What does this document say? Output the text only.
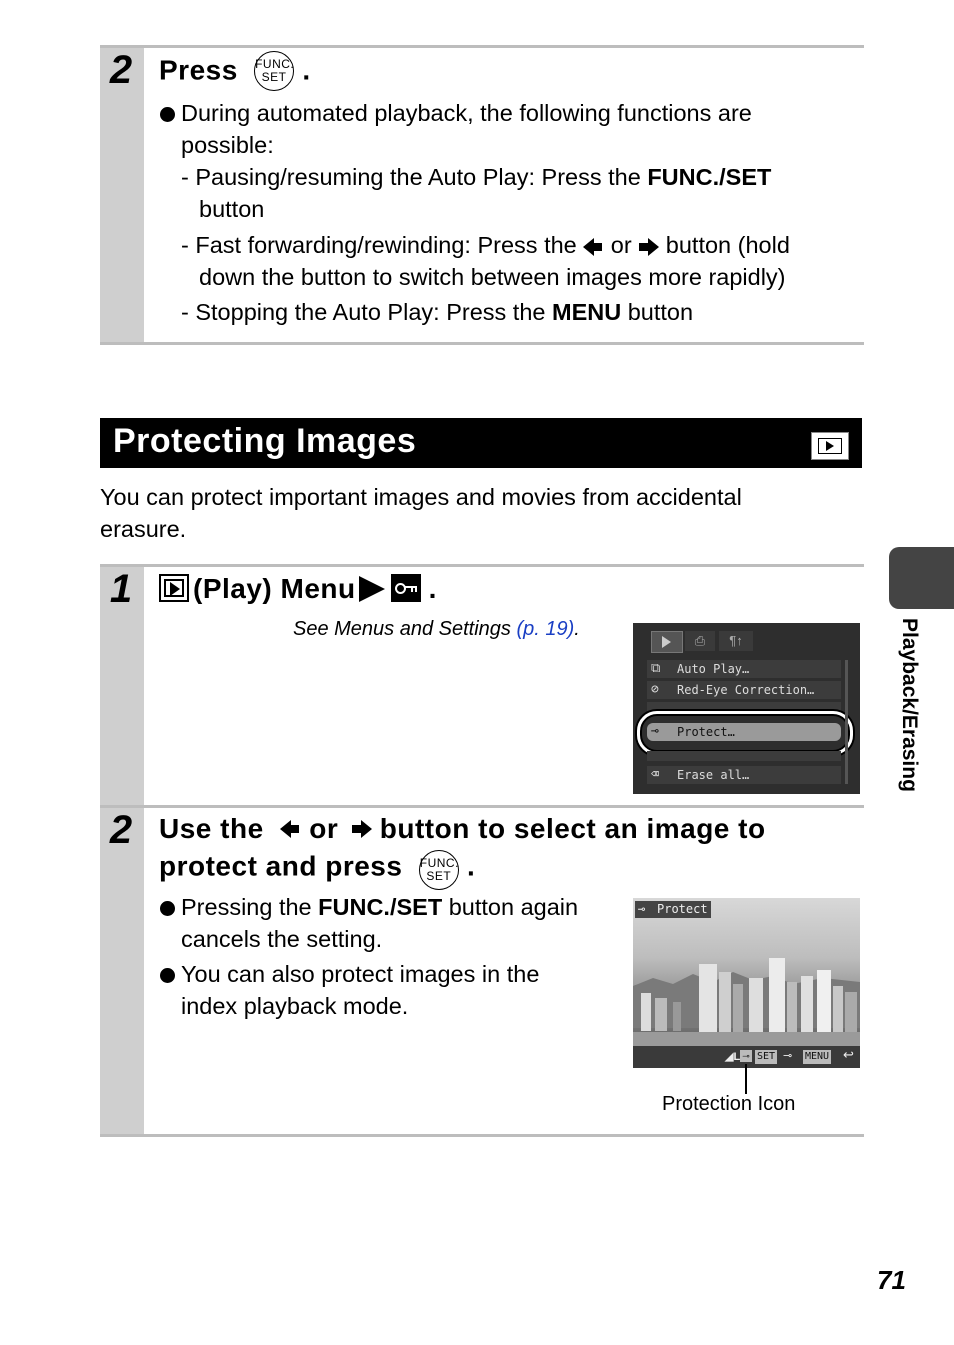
2 Press FUNC.
SET .
During automated playback, the following functions are
possible:
- Pausing/resuming the Auto Play: Press the FUNC./SET
button
- Fast forwarding/rewinding: Press the
or
button (hold
down the button to switch between images more rapidly)
- Stopping the Auto Play: Press the MENU button
Protecting Images
You can protect important images and movies from accidental
erasure.
Playback/Erasing
1	(Play) Menu	.
See Menus and Settings (p. 19).
⎙	¶↑
⧉	Auto Play…
⊘	Red-Eye Correction…
⊸	Protect…
⌫	Erase all…
2 Use the
or
button to select an image to
protect and press FUNC.
SET .
Pressing the FUNC./SET button again
cancels the setting.
You can also protect images in the
index playback mode.
⊸ Protect
◢L ⊸ SET ⊸ MENU ↩
Protection Icon
71
